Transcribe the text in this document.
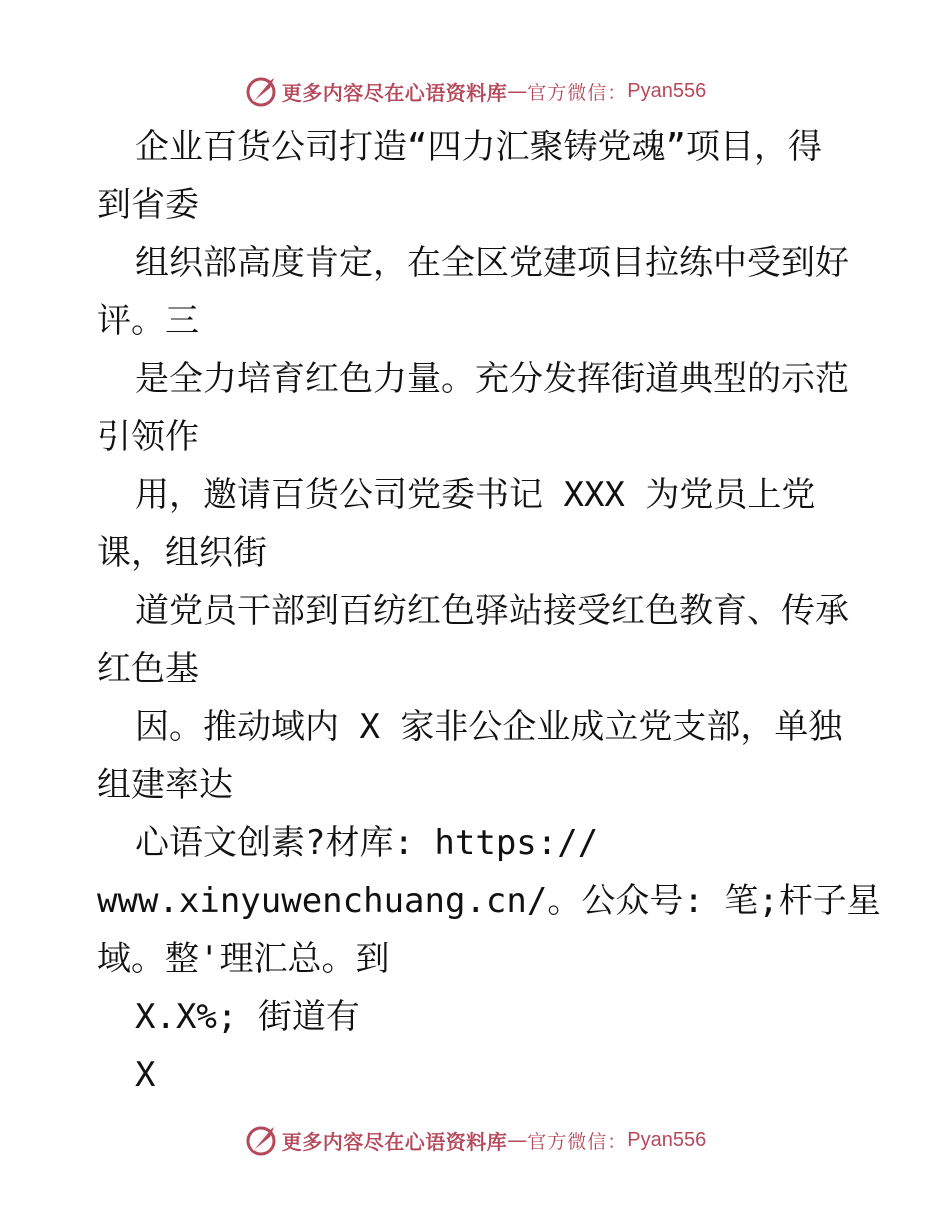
更多内容尽在心语资料库 — 官方微信： Pyan556
企业百货公司打造“四力汇聚铸党魂”项目，得
到省委
组织部高度肯定，在全区党建项目拉练中受到好
评。三
是全力培育红色力量。充分发挥街道典型的示范
引领作
用，邀请百货公司党委书记 XXX 为党员上党
课，组织街
道党员干部到百纺红色驿站接受红色教育、传承
红色基
因。推动域内 X 家非公企业成立党支部，单独
组建率达
心语文创素?材库: https://
www.xinyuwenchuang.cn/。公众号: 笔;杆子星
域。整'理汇总。到
X.X%; 街道有
X
更多内容尽在心语资料库 — 官方微信： Pyan556
